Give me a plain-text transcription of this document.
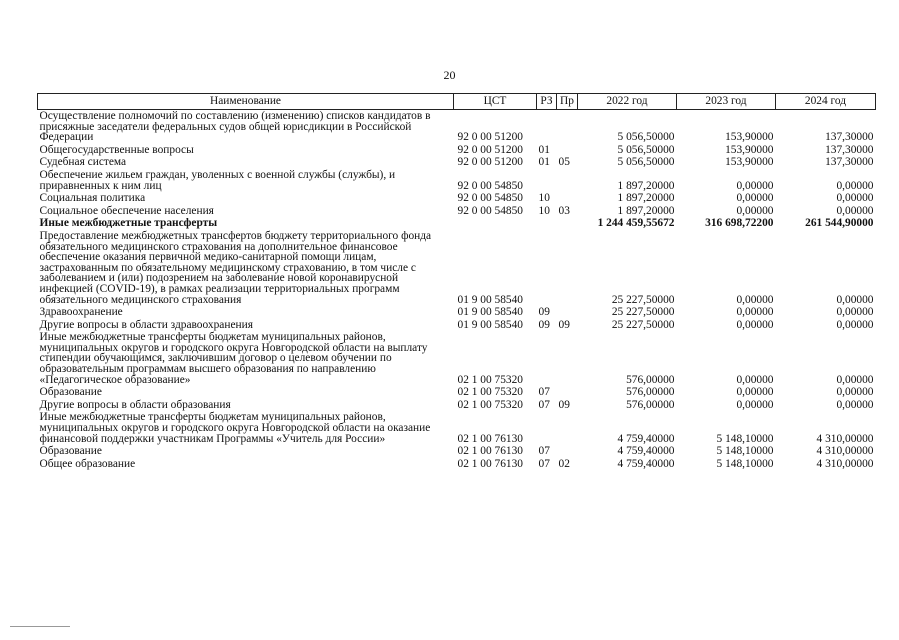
20
Наименование	ЦСТ	РЗ	Пр	2022 год	2023 год	2024 год
Осуществление полномочий по составлению (изменению) списков кандидатов в присяжные заседатели федеральных судов общей юрисдикции в Российской Федерации	92 0 00 51200			5 056,50000	153,90000	137,30000
Общегосударственные вопросы	92 0 00 51200	01		5 056,50000	153,90000	137,30000
Судебная система	92 0 00 51200	01	05	5 056,50000	153,90000	137,30000
Обеспечение жильем граждан, уволенных с военной службы (службы), и приравненных к ним лиц	92 0 00 54850			1 897,20000	0,00000	0,00000
Социальная политика	92 0 00 54850	10		1 897,20000	0,00000	0,00000
Социальное обеспечение населения	92 0 00 54850	10	03	1 897,20000	0,00000	0,00000
Иные межбюджетные трансферты				1 244 459,55672	316 698,72200	261 544,90000
Предоставление межбюджетных трансфертов бюджету территориального фонда обязательного медицинского страхования на дополнительное финансовое обеспечение оказания первичной медико-санитарной помощи лицам, застрахованным по обязательному медицинскому страхованию, в том числе с заболеванием и (или) подозрением на заболевание новой коронавирусной инфекцией (COVID-19), в рамках реализации территориальных программ обязательного медицинского страхования	01 9 00 58540			25 227,50000	0,00000	0,00000
Здравоохранение	01 9 00 58540	09		25 227,50000	0,00000	0,00000
Другие вопросы в области здравоохранения	01 9 00 58540	09	09	25 227,50000	0,00000	0,00000
Иные межбюджетные трансферты бюджетам муниципальных районов, муниципальных округов и городского округа Новгородской области на выплату стипендии обучающимся, заключившим договор о целевом обучении по образовательным программам высшего образования по направлению «Педагогическое образование»	02 1 00 75320			576,00000	0,00000	0,00000
Образование	02 1 00 75320	07		576,00000	0,00000	0,00000
Другие вопросы в области образования	02 1 00 75320	07	09	576,00000	0,00000	0,00000
Иные межбюджетные трансферты бюджетам муниципальных районов, муниципальных округов и городского округа Новгородской области на оказание финансовой поддержки участникам Программы «Учитель для России»	02 1 00 76130			4 759,40000	5 148,10000	4 310,00000
Образование	02 1 00 76130	07		4 759,40000	5 148,10000	4 310,00000
Общее образование	02 1 00 76130	07	02	4 759,40000	5 148,10000	4 310,00000
